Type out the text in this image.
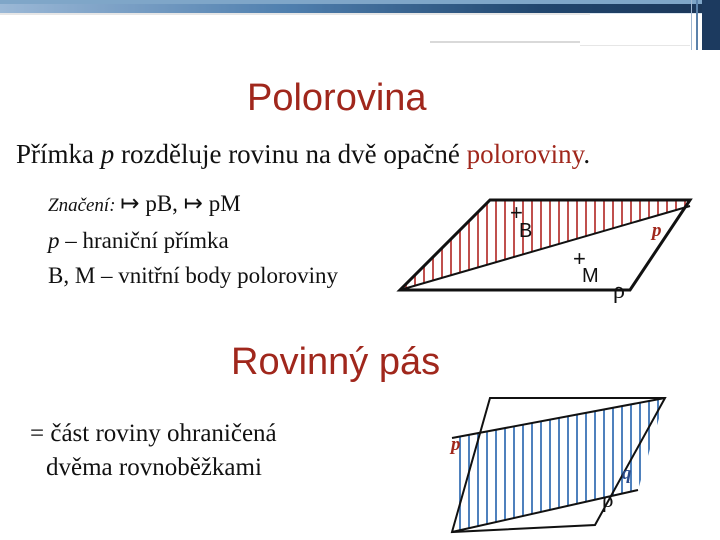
Polorovina
Rovinný pás
Přímka p rozděluje rovinu na dvě opačné poloroviny.
Značení: ↦ pB, ↦ pM
p – hraniční přímka
B, M – vnitřní body poloroviny
= část roviny ohraničená
dvěma rovnoběžkami
+
B
+
M
p
ρ
p
q
ρ
